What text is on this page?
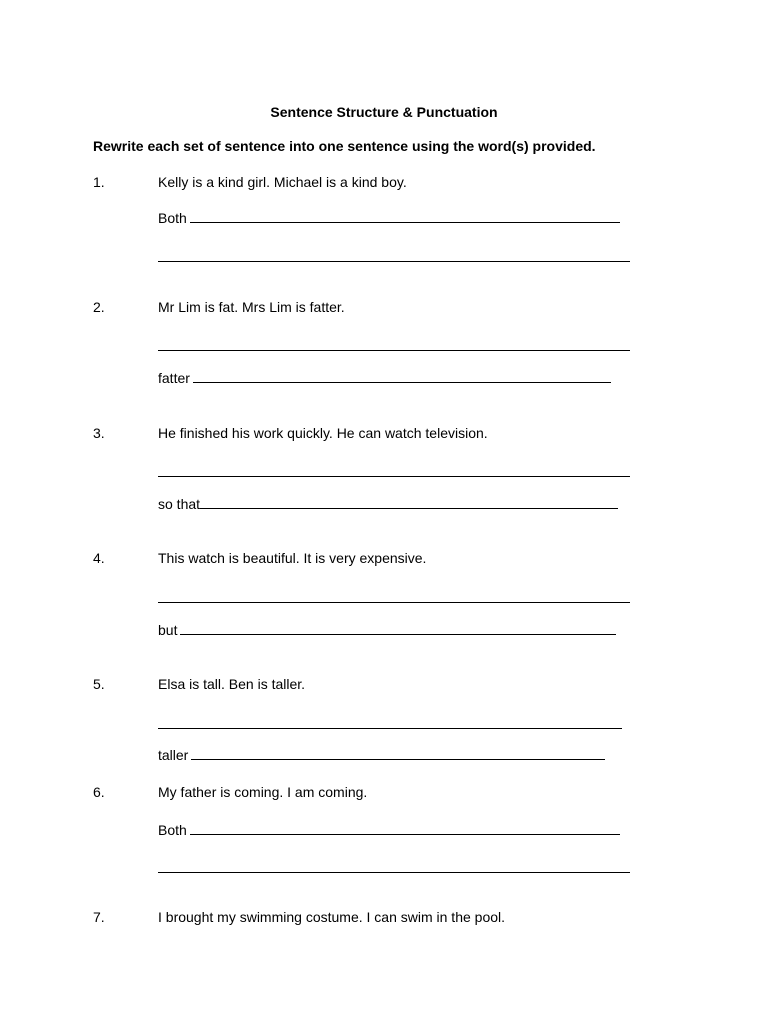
Sentence Structure & Punctuation
Rewrite each set of sentence into one sentence using the word(s) provided.
1.	Kelly is a kind girl. Michael is a kind boy.
Both
2.	Mr Lim is fat. Mrs Lim is fatter.
fatter
3.	He finished his work quickly. He can watch television.
so that
4.	This watch is beautiful. It is very expensive.
but
5.	Elsa is tall. Ben is taller.
taller
6.	My father is coming. I am coming.
Both
7.	I brought my swimming costume. I can swim in the pool.
